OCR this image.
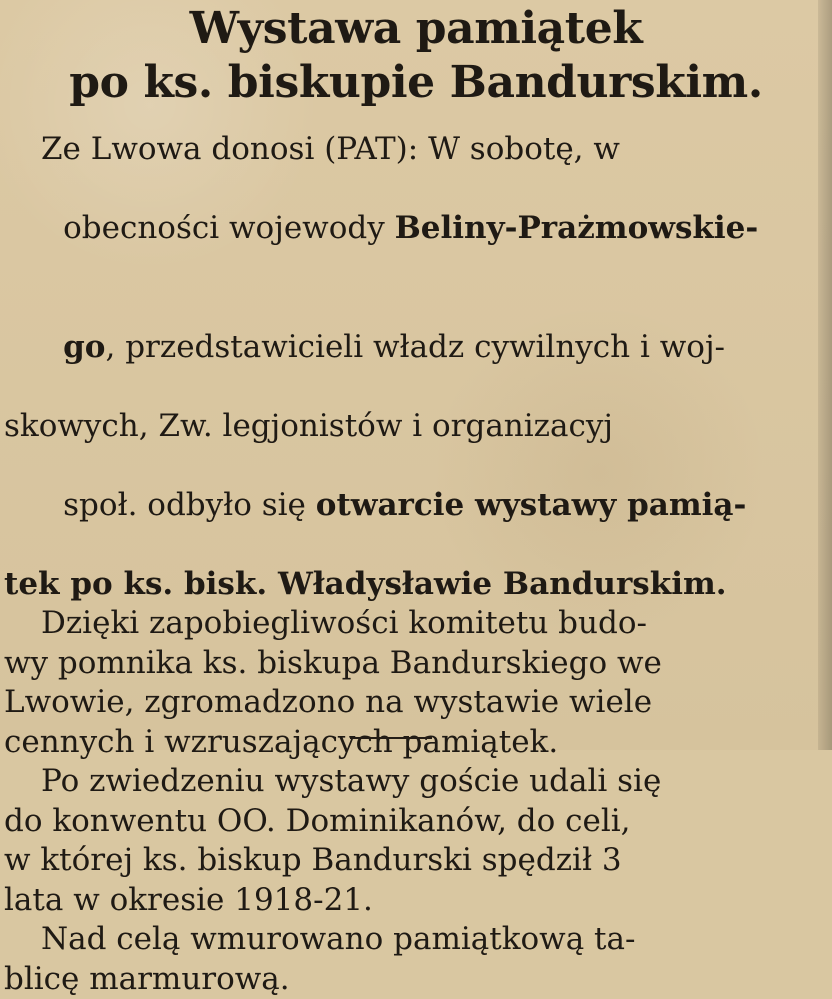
Wystawa pamiątek
po ks. biskupie Bandurskim.
Ze Lwowa donosi (PAT): W sobotę, w

obecności wojewody Beliny-Prażmowskie-

go, przedstawicieli władz cywilnych i woj-

skowych, Zw. legjonistów i organizacyj

społ. odbyło się otwarcie wystawy pamią-

tek po ks. bisk. Władysławie Bandurskim.
Dzięki zapobiegliwości komitetu budo-
wy pomnika ks. biskupa Bandurskiego we
Lwowie, zgromadzono na wystawie wiele
cennych i wzruszających pamiątek.
Po zwiedzeniu wystawy goście udali się
do konwentu OO. Dominikanów, do celi,
w której ks. biskup Bandurski spędził 3
lata w okresie 1918-21.
Nad celą wmurowano pamiątkową ta-
blicę marmurową.
